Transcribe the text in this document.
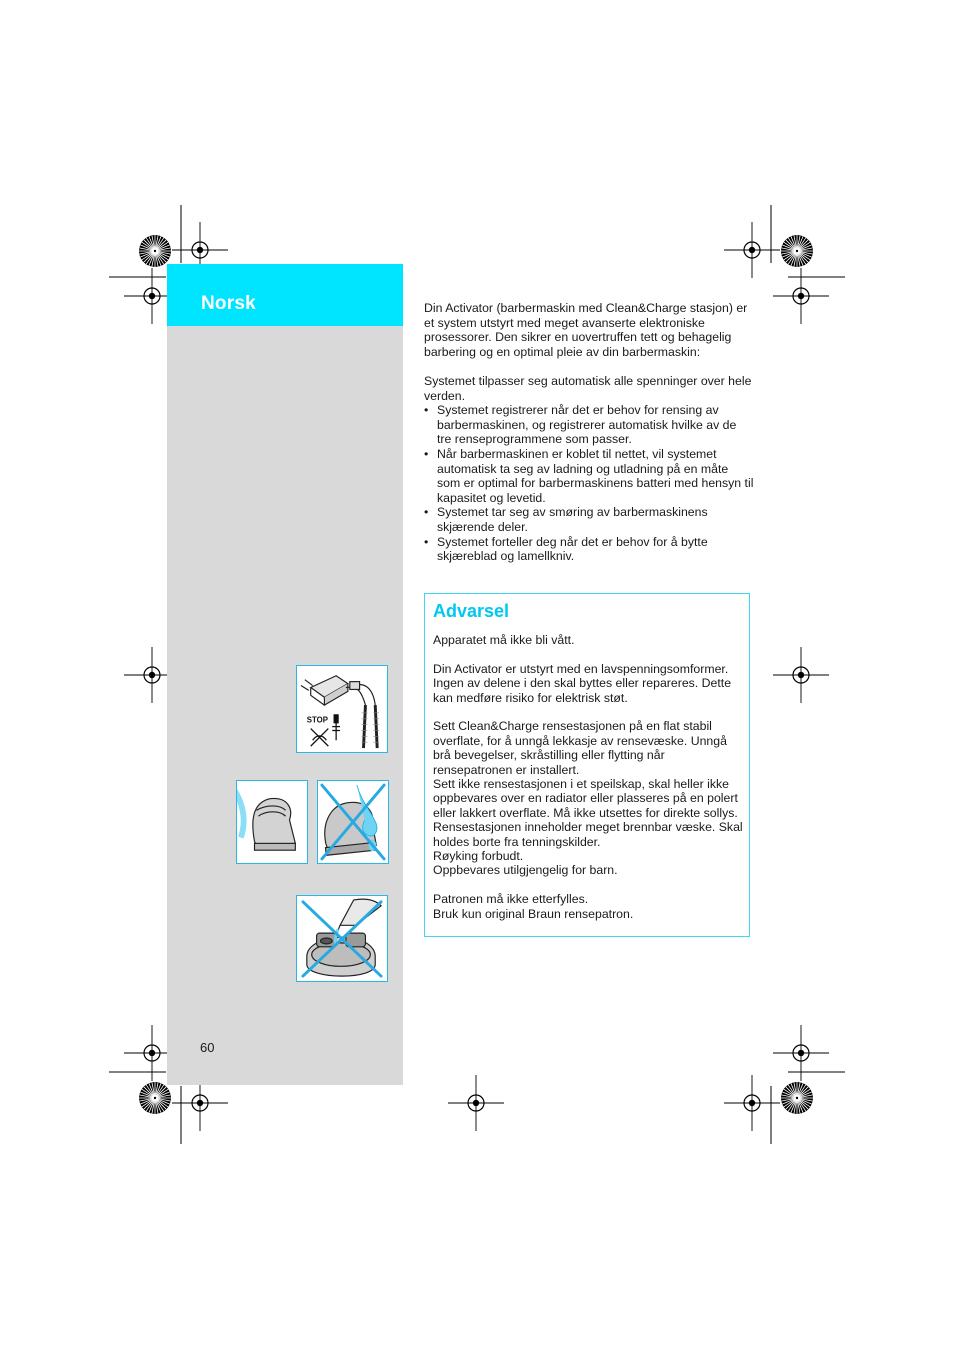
Norsk
60
STOP

Din Activator (barbermaskin med Clean&Charge stasjon) er et system utstyrt med meget avanserte elektroniske prosessorer. Den sikrer en uovertruffen tett og behagelig barbering og en optimal pleie av din barbermaskin:

Systemet tilpasser seg automatisk alle spenninger over hele verden.

• Systemet registrerer når det er behov for rensing av barbermaskinen, og registrerer automatisk hvilke av de tre renseprogrammene som passer.
• Når barbermaskinen er koblet til nettet, vil systemet automatisk ta seg av ladning og utladning på en måte som er optimal for barbermaskinens batteri med hensyn til kapasitet og levetid.
• Systemet tar seg av smøring av barbermaskinens skjærende deler.
• Systemet forteller deg når det er behov for å bytte skjæreblad og lamellkniv.
Advarsel

Apparatet må ikke bli vått.

Din Activator er utstyrt med en lavspenningsomformer. Ingen av delene i den skal byttes eller repareres. Dette kan medføre risiko for elektrisk støt.

Sett Clean&Charge rensestasjonen på en flat stabil overflate, for å unngå lekkasje av rensevæske. Unngå brå bevegelser, skråstilling eller flytting når rensepatronen er installert.

Sett ikke rensestasjonen i et speilskap, skal heller ikke oppbevares over en radiator eller plasseres på en polert eller lakkert overflate. Må ikke utsettes for direkte sollys. Rensestasjonen inneholder meget brennbar væske. Skal holdes borte fra tenningskilder.

Røyking forbudt.

Oppbevares utilgjengelig for barn.

Patronen må ikke etterfylles.

Bruk kun original Braun rensepatron.
